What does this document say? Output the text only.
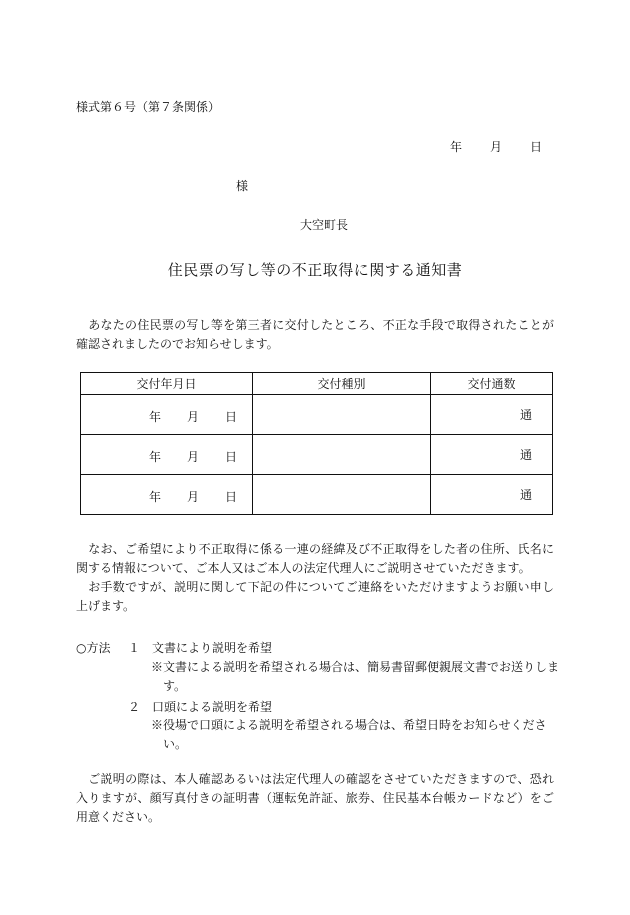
様式第６号（第７条関係）
年 月 日
様
大空町長
住民票の写し等の不正取得に関する通知書
あなたの住民票の写し等を第三者に交付したところ、不正な手段で取得されたことが確認されましたのでお知らせします。
交付年月日	交付種別	交付通数

年 月 日		通

年 月 日		通

年 月 日		通
なお、ご希望により不正取得に係る一連の経緯及び不正取得をした者の住所、氏名に関する情報について、ご本人又はご本人の法定代理人にご説明させていただきます。
お手数ですが、説明に関して下記の件についてご連絡をいただけますようお願い申し上げます。
○方法 １ 文書により説明を希望
※文書による説明を希望される場合は、簡易書留郵便親展文書でお送りします。
２ 口頭による説明を希望
※役場で口頭による説明を希望される場合は、希望日時をお知らせください。
ご説明の際は、本人確認あるいは法定代理人の確認をさせていただきますので、恐れ入りますが、顔写真付きの証明書（運転免許証、旅券、住民基本台帳カードなど）をご用意ください。
